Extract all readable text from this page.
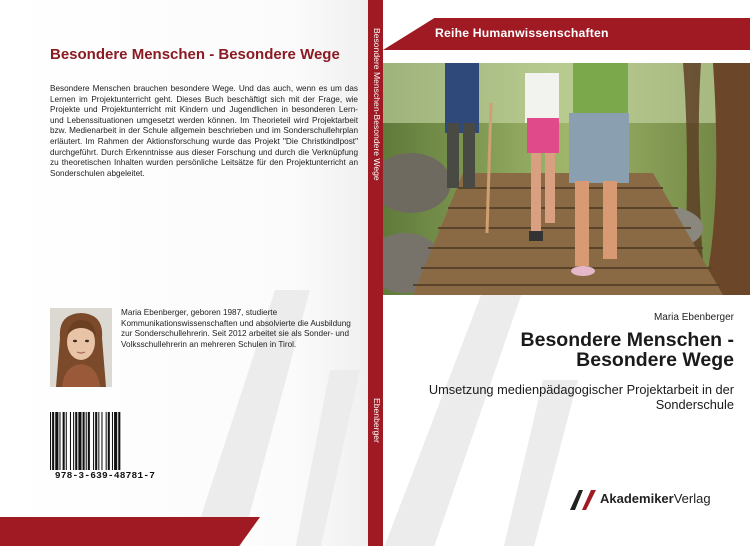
Besondere Menschen - Besondere Wege
Besondere Menschen brauchen besondere Wege. Und das auch, wenn es um das Lernen im Projektunterricht geht. Dieses Buch beschäftigt sich mit der Frage, wie Projekte und Projektunterricht mit Kindern und Jugendlichen in besonderen Lern- und Lebenssituationen umgesetzt werden können. Im Theorieteil wird Projektarbeit bzw. Medienarbeit in der Schule allgemein beschrieben und im Sonderschullehrplan erläutert. Im Rahmen der Aktionsforschung wurde das Projekt "Die Christkindlpost" durchgeführt. Durch Erkenntnisse aus dieser Forschung und durch die Verknüpfung zu theoretischen Inhalten wurden persönliche Leitsätze für den Projektunterricht an Sonderschulen abgeleitet.
Maria Ebenberger, geboren 1987, studierte Kommunikationswissenschaften und absolvierte die Ausbildung zur Sonderschullehrerin. Seit 2012 arbeitet sie als Sonder- und Volksschullehrerin an mehreren Schulen in Tirol.
978-3-639-48781-7
Besondere Menschen-Besondere Wege
Ebenberger
Reihe Humanwissenschaften
Maria Ebenberger
Besondere Menschen - Besondere Wege
Umsetzung medienpädagogischer Projektarbeit in der Sonderschule
AkademikerVerlag
